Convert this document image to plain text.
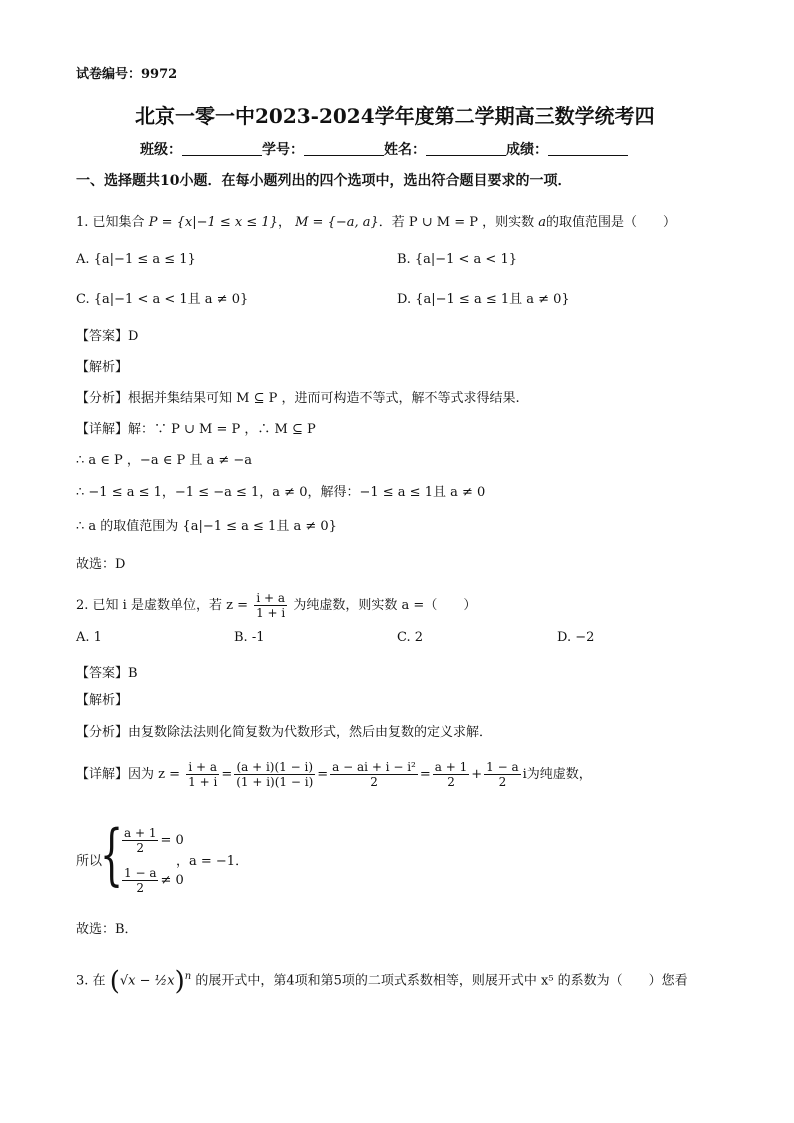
试卷编号：9972
北京一零一中2023-2024学年度第二学期高三数学统考四
班级：	学号：	姓名：	成绩：
一、选择题共10小题．在每小题列出的四个选项中，选出符合题目要求的一项．
1. 已知集合 P = {x|−1 ≤ x ≤ 1}， M = {−a, a}．若 P ∪ M = P ，则实数 a的取值范围是（　　）
A. {a|−1 ≤ a ≤ 1}	B. {a|−1 < a < 1}
C. {a|−1 < a < 1且 a ≠ 0}	D. {a|−1 ≤ a ≤ 1且 a ≠ 0}
【答案】D
【解析】
【分析】根据并集结果可知 M ⊆ P ，进而可构造不等式，解不等式求得结果.
【详解】解：∵ P ∪ M = P ，∴ M ⊆ P
∴ a ∈ P ，−a ∈ P 且 a ≠ −a
∴ −1 ≤ a ≤ 1，−1 ≤ −a ≤ 1，a ≠ 0，解得：−1 ≤ a ≤ 1且 a ≠ 0
∴ a 的取值范围为 {a|−1 ≤ a ≤ 1且 a ≠ 0}
故选：D
2. 已知 i 是虚数单位，若 $z = \frac{i + a}{1 + i}$ 为纯虚数，则实数 a =（　　）
A. 1	B. -1	C. 2	D. −2
【答案】B
【解析】
【分析】由复数除法法则化简复数为代数形式，然后由复数的定义求解．
【详解】因为 $z = \frac{i + a}{1 + i} = \frac{(a + i)(1 - i)}{(1 + i)(1 - i)} = \frac{\text{a − ai + i − i²}}{2} = \frac{a + 1}{2} + \frac{1 - a}{2}$ i为纯虚数，
所以
{
$\frac{a + 1}{2} = 0$
$\frac{1 - a}{2} \ne 0$
，a = −1．
故选：B．
3. 在 (√x − ½x)$^n$ 的展开式中，第4项和第5项的二项式系数相等，则展开式中 x⁵ 的系数为（　　）您看
